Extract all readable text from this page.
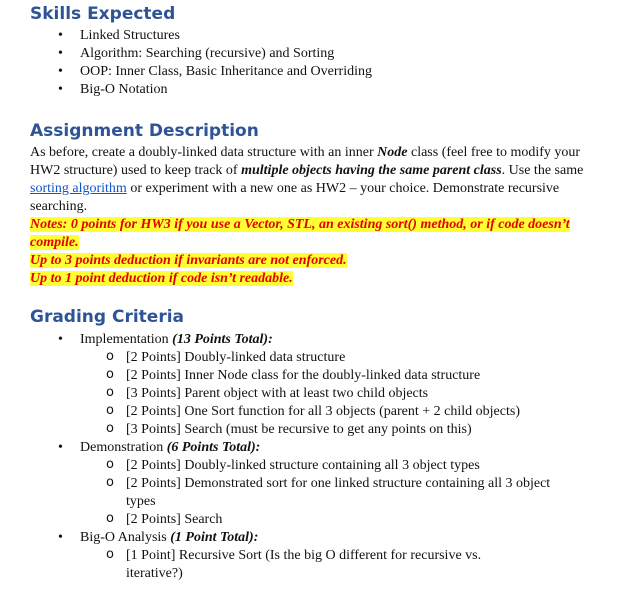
Skills Expected
• Linked Structures
• Algorithm: Searching (recursive) and Sorting
• OOP: Inner Class, Basic Inheritance and Overriding
• Big-O Notation
Assignment Description
As before, create a doubly-linked data structure with an inner Node class (feel free to modify your HW2 structure) used to keep track of multiple objects having the same parent class. Use the same sorting algorithm or experiment with a new one as HW2 – your choice. Demonstrate recursive searching.
Notes: 0 points for HW3 if you use a Vector, STL, an existing sort() method, or if code doesn’t compile.
Up to 3 points deduction if invariants are not enforced.
Up to 1 point deduction if code isn’t readable.
Grading Criteria
• Implementation (13 Points Total):
o [2 Points] Doubly-linked data structure
o [2 Points] Inner Node class for the doubly-linked data structure
o [3 Points] Parent object with at least two child objects
o [2 Points] One Sort function for all 3 objects (parent + 2 child objects)
o [3 Points] Search (must be recursive to get any points on this)
• Demonstration (6 Points Total):
o [2 Points] Doubly-linked structure containing all 3 object types
o [2 Points] Demonstrated sort for one linked structure containing all 3 object types
o [2 Points] Search
• Big-O Analysis (1 Point Total):
o [1 Point] Recursive Sort (Is the big O different for recursive vs. iterative?)
